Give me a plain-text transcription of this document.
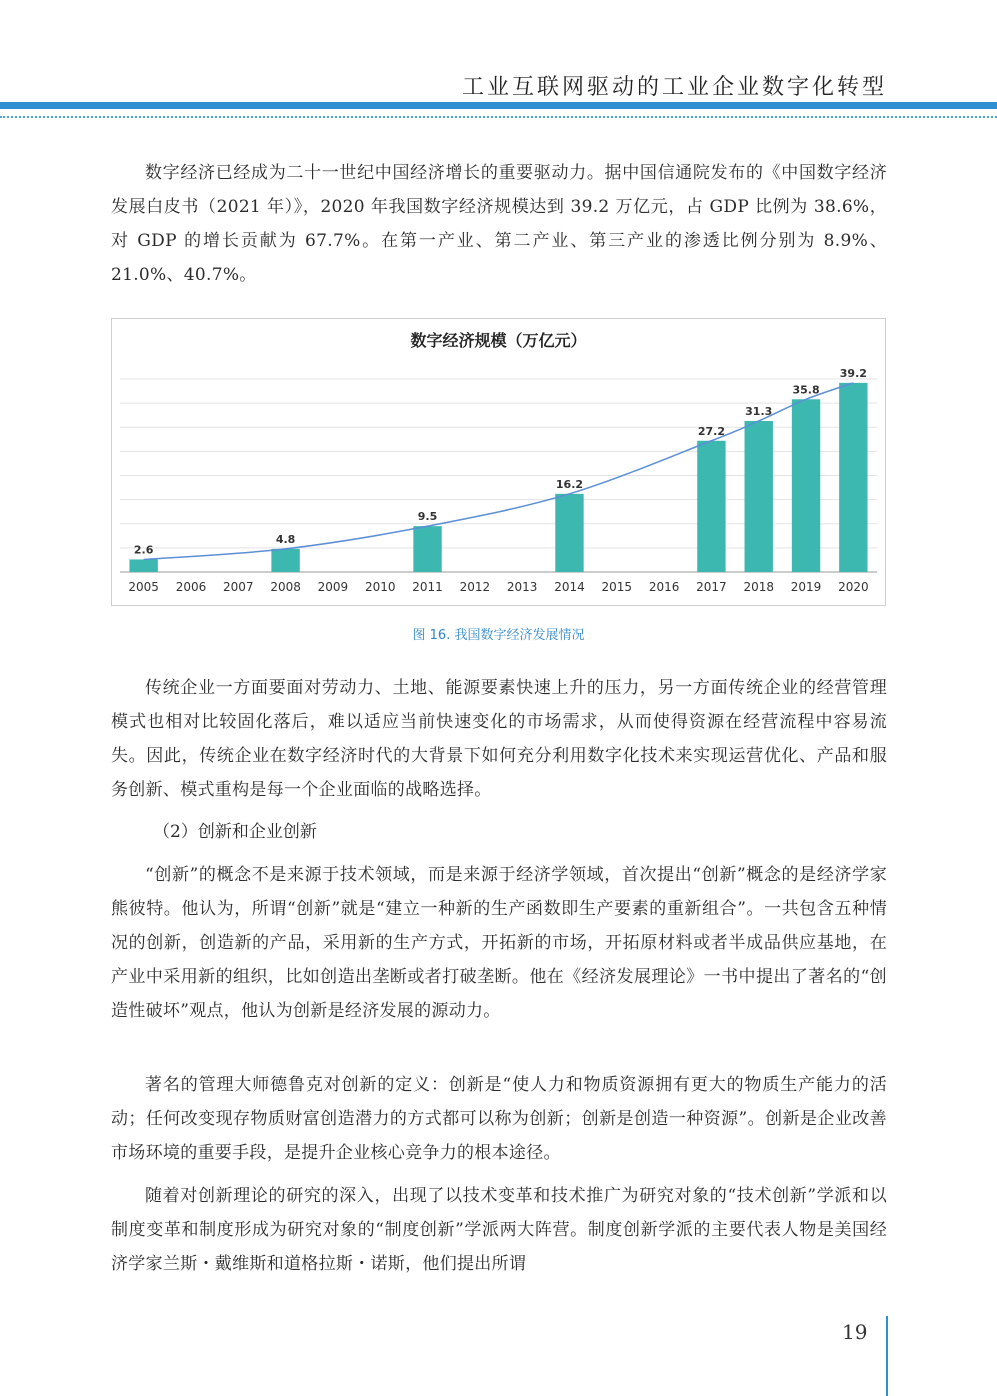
工业互联网驱动的工业企业数字化转型

数字经济已经成为二十一世纪中国经济增长的重要驱动力。据中国信通院发布的《中国数字经济发展白皮书（2021 年）》，2020 年我国数字经济规模达到 39.2 万亿元，占 GDP 比例为 38.6%，对 GDP 的增长贡献为 67.7%。在第一产业、第二产业、第三产业的渗透比例分别为 8.9%、21.0%、40.7%。

数字经济规模（万亿元）
2.6
4.8
9.5
16.2
27.2
31.3
35.8
39.2
2005 2006 2007 2008 2009 2010 2011 2012 2013 2014 2015 2016 2017 2018 2019 2020
图 16. 我国数字经济发展情况

传统企业一方面要面对劳动力、土地、能源要素快速上升的压力，另一方面传统企业的经营管理模式也相对比较固化落后，难以适应当前快速变化的市场需求，从而使得资源在经营流程中容易流失。因此，传统企业在数字经济时代的大背景下如何充分利用数字化技术来实现运营优化、产品和服务创新、模式重构是每一个企业面临的战略选择。

（2）创新和企业创新

“创新”的概念不是来源于技术领域，而是来源于经济学领域，首次提出“创新”概念的是经济学家熊彼特。他认为，所谓“创新”就是“建立一种新的生产函数即生产要素的重新组合”。一共包含五种情况的创新，创造新的产品，采用新的生产方式，开拓新的市场，开拓原材料或者半成品供应基地，在产业中采用新的组织，比如创造出垄断或者打破垄断。他在《经济发展理论》一书中提出了著名的“创造性破坏”观点，他认为创新是经济发展的源动力。

著名的管理大师德鲁克对创新的定义：创新是“使人力和物质资源拥有更大的物质生产能力的活动；任何改变现存物质财富创造潜力的方式都可以称为创新；创新是创造一种资源”。创新是企业改善市场环境的重要手段，是提升企业核心竞争力的根本途径。

随着对创新理论的研究的深入，出现了以技术变革和技术推广为研究对象的“技术创新”学派和以制度变革和制度形成为研究对象的“制度创新”学派两大阵营。制度创新学派的主要代表人物是美国经济学家兰斯・戴维斯和道格拉斯・诺斯，他们提出所谓

19
